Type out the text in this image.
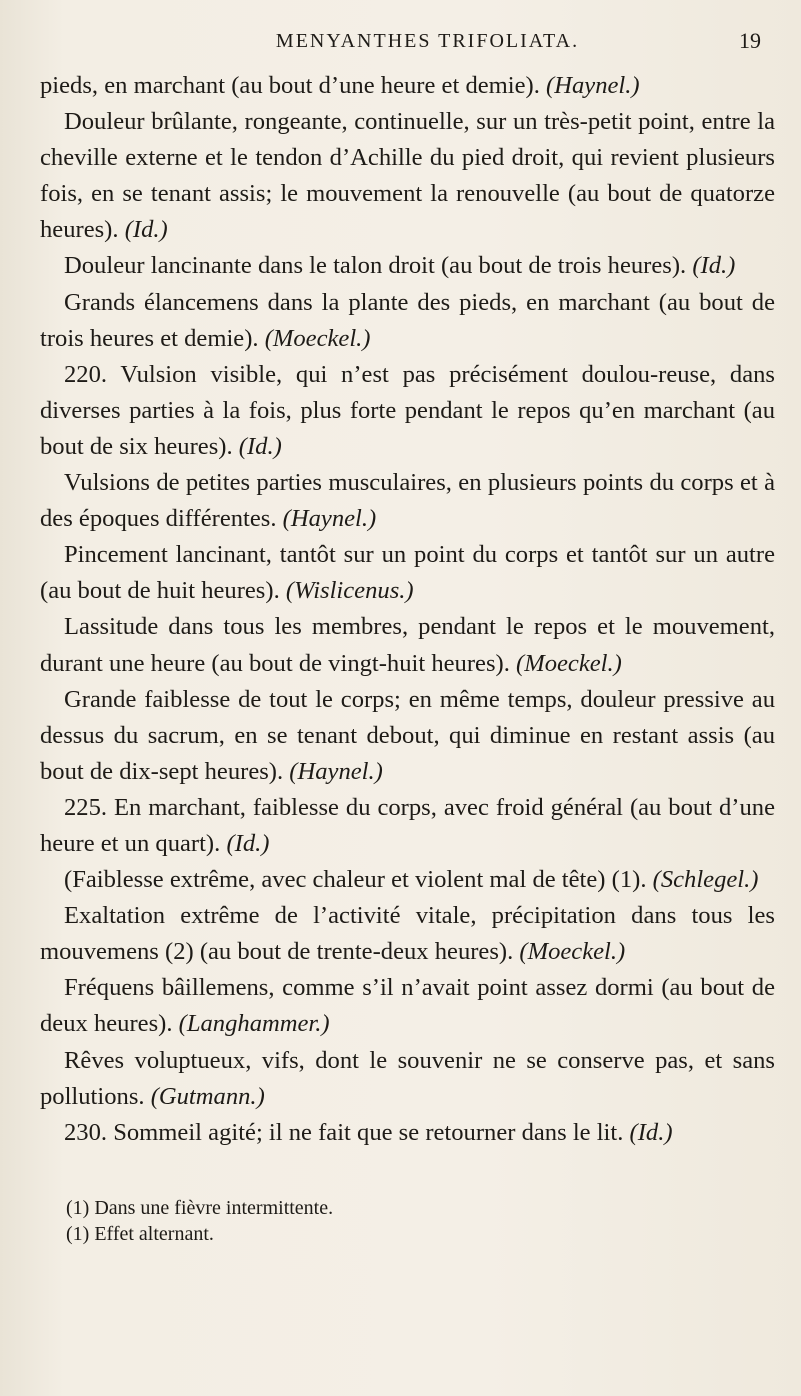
MENYANTHES TRIFOLIATA.	19

pieds, en marchant (au bout d’une heure et demie). (Haynel.)

Douleur brûlante, rongeante, continuelle, sur un très-petit point, entre la cheville externe et le tendon d’Achille du pied droit, qui revient plusieurs fois, en se tenant assis; le mouvement la renouvelle (au bout de quatorze heures). (Id.)

Douleur lancinante dans le talon droit (au bout de trois heures). (Id.)

Grands élancemens dans la plante des pieds, en marchant (au bout de trois heures et demie). (Moeckel.)

220. Vulsion visible, qui n’est pas précisément doulou-reuse, dans diverses parties à la fois, plus forte pendant le repos qu’en marchant (au bout de six heures). (Id.)

Vulsions de petites parties musculaires, en plusieurs points du corps et à des époques différentes. (Haynel.)

Pincement lancinant, tantôt sur un point du corps et tantôt sur un autre (au bout de huit heures). (Wislicenus.)

Lassitude dans tous les membres, pendant le repos et le mouvement, durant une heure (au bout de vingt-huit heures). (Moeckel.)

Grande faiblesse de tout le corps; en même temps, douleur pressive au dessus du sacrum, en se tenant debout, qui diminue en restant assis (au bout de dix-sept heures). (Haynel.)

225. En marchant, faiblesse du corps, avec froid général (au bout d’une heure et un quart). (Id.)

(Faiblesse extrême, avec chaleur et violent mal de tête) (1). (Schlegel.)

Exaltation extrême de l’activité vitale, précipitation dans tous les mouvemens (2) (au bout de trente-deux heures). (Moeckel.)

Fréquens bâillemens, comme s’il n’avait point assez dormi (au bout de deux heures). (Langhammer.)

Rêves voluptueux, vifs, dont le souvenir ne se conserve pas, et sans pollutions. (Gutmann.)

230. Sommeil agité; il ne fait que se retourner dans le lit. (Id.)

(1) Dans une fièvre intermittente.
(1) Effet alternant.
